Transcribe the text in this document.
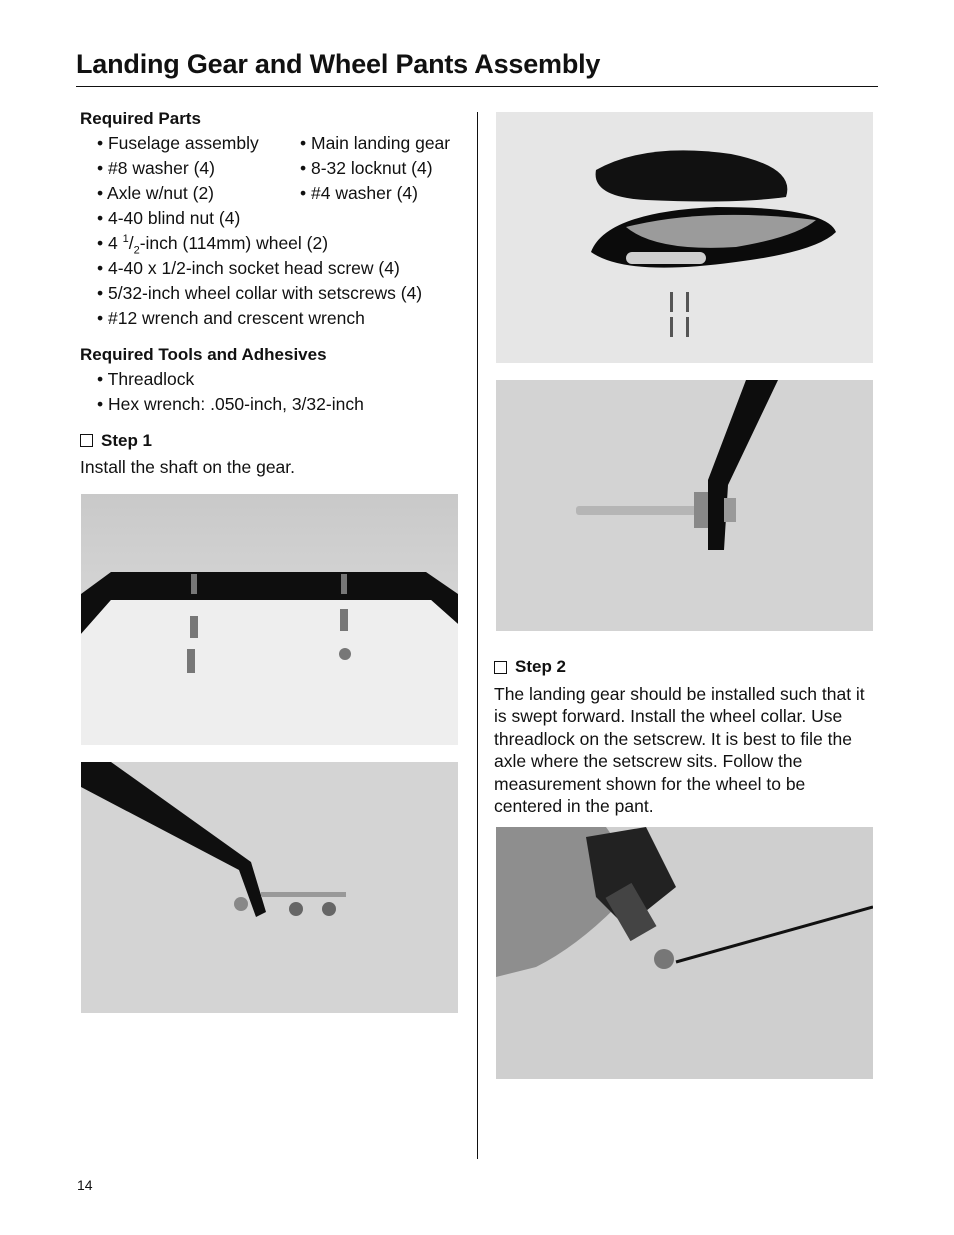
Landing Gear and Wheel Pants Assembly
Required Parts
• Fuselage assembly	• Main landing gear
• #8 washer (4)	• 8-32 locknut (4)
• Axle w/nut (2)	• #4 washer (4)
• 4-40 blind nut (4)
• 4 $^1/_2$-inch (114mm) wheel (2)
• 4-40 x 1/2-inch socket head screw (4)
• 5/32-inch wheel collar with setscrews (4)
• #12 wrench and crescent wrench
Required Tools and Adhesives
• Threadlock
• Hex wrench: .050-inch, 3/32-inch
Step 1
Install the shaft on the gear.
Step 2
The landing gear should be installed such that it is swept forward. Install the wheel collar. Use threadlock on the setscrew. It is best to file the axle where the setscrew sits. Follow the measurement shown for the wheel to be centered in the pant.
14
